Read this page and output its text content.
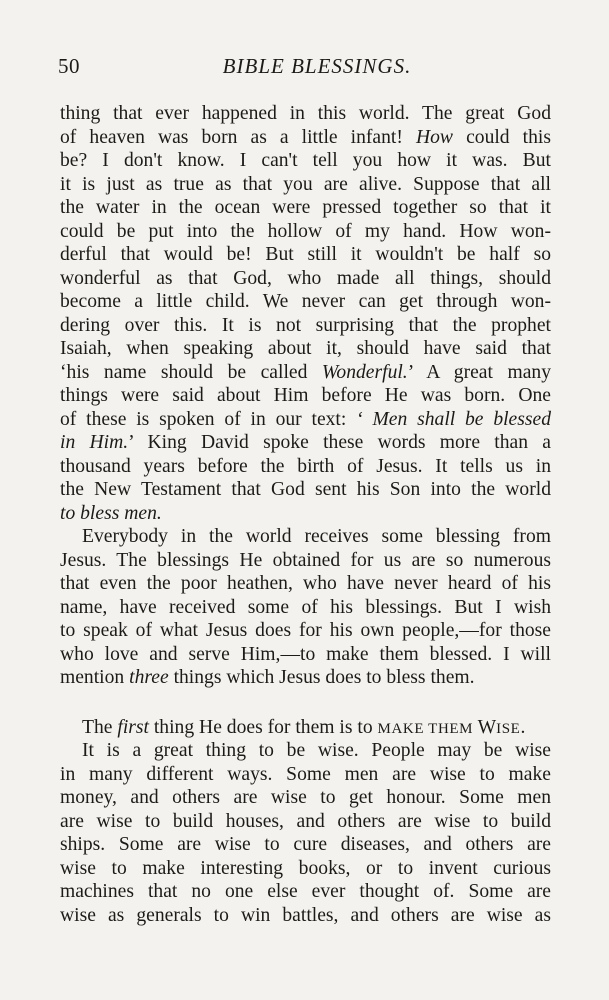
50	BIBLE BLESSINGS.
thing that ever happened in this world. The great God
of heaven was born as a little infant! How could this
be? I don't know. I can't tell you how it was. But
it is just as true as that you are alive. Suppose that all
the water in the ocean were pressed together so that it
could be put into the hollow of my hand. How won-
derful that would be! But still it wouldn't be half so
wonderful as that God, who made all things, should
become a little child. We never can get through won-
dering over this. It is not surprising that the prophet
Isaiah, when speaking about it, should have said that
‘his name should be called Wonderful.’ A great many
things were said about Him before He was born. One
of these is spoken of in our text: ‘ Men shall be blessed
in Him.’ King David spoke these words more than a
thousand years before the birth of Jesus. It tells us in
the New Testament that God sent his Son into the world
to bless men.
Everybody in the world receives some blessing from
Jesus. The blessings He obtained for us are so numerous
that even the poor heathen, who have never heard of his
name, have received some of his blessings. But I wish
to speak of what Jesus does for his own people,—for those
who love and serve Him,—to make them blessed. I will
mention three things which Jesus does to bless them.
The first thing He does for them is to MAKE THEM WISE.
It is a great thing to be wise. People may be wise
in many different ways. Some men are wise to make
money, and others are wise to get honour. Some men
are wise to build houses, and others are wise to build
ships. Some are wise to cure diseases, and others are
wise to make interesting books, or to invent curious
machines that no one else ever thought of. Some are
wise as generals to win battles, and others are wise as
